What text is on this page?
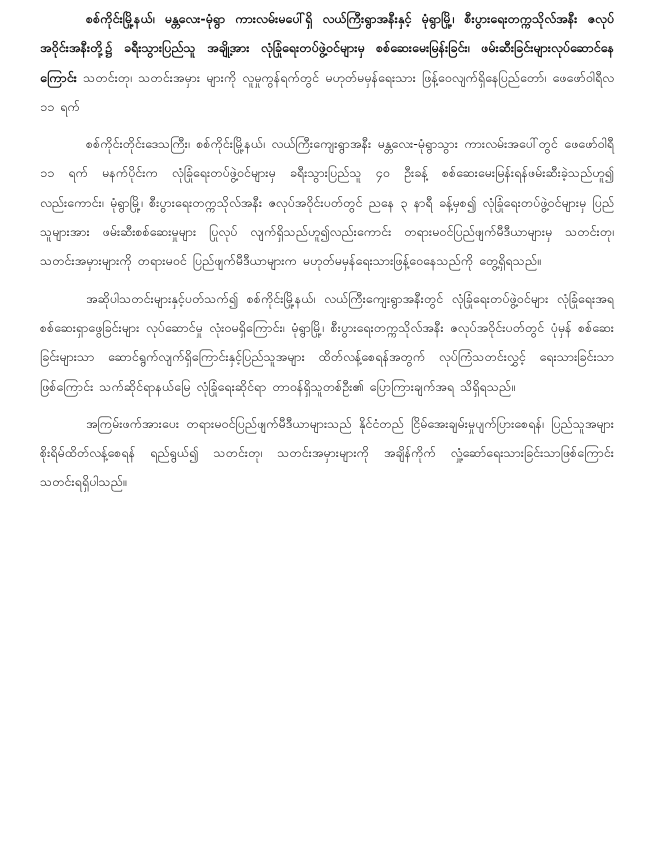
စစ်ကိုင်းမြို့နယ်၊ မန္တလေး-မုံရွာ ကားလမ်းမပေါ်ရှိ လယ်ကြီးရွာအနီးနှင့် မုံရွာမြို့၊ စီးပွားရေးတက္ကသိုလ်အနီး ဇလုပ်အဝိုင်းအနီးတို့၌ ခရီးသွားပြည်သူ အချို့အား လုံခြုံရေးတပ်ဖွဲ့ဝင်များမှ စစ်ဆေးမေးမြန်းခြင်း၊ ဖမ်းဆီးခြင်းများလုပ်ဆောင်နေကြောင်း သတင်းတု၊ သတင်းအမှား များကို လူမှုကွန်ရက်တွင် မဟုတ်မမှန်ရေးသား ဖြန့်ဝေလျက်ရှိနေပြည်တော်၊ ဖေဖော်ဝါရီလ ၁၁ ရက်

စစ်ကိုင်းတိုင်းဒေသကြီး၊ စစ်ကိုင်းမြို့နယ်၊ လယ်ကြီးကျေးရွာအနီး မန္တလေး-မုံရွာသွား ကားလမ်းအပေါ်တွင် ဖေဖော်ဝါရီ ၁၁ ရက် မနက်ပိုင်းက လုံခြုံရေးတပ်ဖွဲ့ဝင်များမှ ခရီးသွားပြည်သူ ၄၀ ဦးခန့် စစ်ဆေးမေးမြန်းရန်ဖမ်းဆီးခဲ့သည်ဟူ၍ လည်းကောင်း၊ မုံရွာမြို့၊ စီးပွားရေးတက္ကသိုလ်အနီး ဇလုပ်အဝိုင်းပတ်တွင် ညနေ ၃ နာရီ ခန့်မှစ၍ လုံခြုံရေးတပ်ဖွဲ့ဝင်များမှ ပြည်သူများအား ဖမ်းဆီးစစ်ဆေးမှုများ ပြုလုပ် လျက်ရှိသည်ဟူ၍လည်းကောင်း တရားမဝင်ပြည်ဖျက်မီဒီယာများမှ သတင်းတု၊ သတင်းအမှားများကို တရားမဝင် ပြည်ဖျက်မီဒီယာများက မဟုတ်မမှန်ရေးသားဖြန့်ဝေနေသည်ကို တွေ့ရှိရသည်။

အဆိုပါသတင်းများနှင့်ပတ်သက်၍ စစ်ကိုင်းမြို့နယ်၊ လယ်ကြီးကျေးရွာအနီးတွင် လုံခြုံရေးတပ်ဖွဲ့ဝင်များ လုံခြုံရေးအရ စစ်ဆေးရှာဖွေခြင်းများ လုပ်ဆောင်မှု လုံးဝမရှိကြောင်း၊ မုံရွာမြို့၊ စီးပွားရေးတက္ကသိုလ်အနီး ဇလုပ်အဝိုင်းပတ်တွင် ပုံမှန် စစ်ဆေးခြင်းများသာ ဆောင်ရွက်လျက်ရှိကြောင်းနှင့်ပြည်သူအများ ထိတ်လန့်စေရန်အတွက် လုပ်ကြံသတင်းလွှင့် ရေးသားခြင်းသာဖြစ်ကြောင်း သက်ဆိုင်ရာနယ်မြေ လုံခြုံရေးဆိုင်ရာ တာဝန်ရှိသူတစ်ဦး၏ ပြောကြားချက်အရ သိရှိရသည်။

အကြမ်းဖက်အားပေး တရားမဝင်ပြည်ဖျက်မီဒီယာများသည် နိုင်ငံတည် ငြိမ်အေးချမ်းမှုပျက်ပြားစေရန်၊ ပြည်သူအများ စိုးရိမ်ထိတ်လန့်စေရန် ရည်ရွယ်၍ သတင်းတု၊ သတင်းအမှားများကို အချိန်ကိုက် လှုံ့ဆော်ရေးသားခြင်းသာဖြစ်ကြောင်း သတင်းရရှိပါသည်။
